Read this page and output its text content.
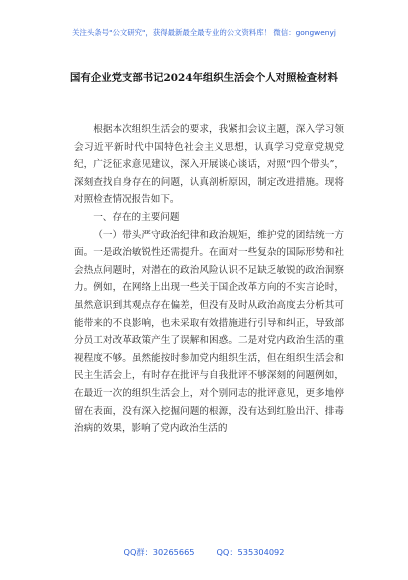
关注头条号"公文研究"，获得最新最全最专业的公文资料库！ 微信：gongwenyj
国有企业党支部书记2024年组织生活会个人对照检查材料

根据本次组织生活会的要求，我紧扣会议主题，深入学习领会习近平新时代中国特色社会主义思想，认真学习党章党规党纪，广泛征求意见建议，深入开展谈心谈话，对照“四个带头”，深刻查找自身存在的问题，认真剖析原因，制定改进措施。现将对照检查情况报告如下。

一、存在的主要问题

（一）带头严守政治纪律和政治规矩，维护党的团结统一方面。一是政治敏锐性还需提升。在面对一些复杂的国际形势和社会热点问题时，对潜在的政治风险认识不足缺乏敏锐的政治洞察力。例如，在网络上出现一些关于国企改革方向的不实言论时，虽然意识到其观点存在偏差，但没有及时从政治高度去分析其可能带来的不良影响，也未采取有效措施进行引导和纠正，导致部分员工对改革政策产生了误解和困惑。二是对党内政治生活的重视程度不够。虽然能按时参加党内组织生活，但在组织生活会和民主生活会上，有时存在批评与自我批评不够深刻的问题例如，在最近一次的组织生活会上，对个别同志的批评意见，更多地停留在表面，没有深入挖掘问题的根源，没有达到红脸出汗、排毒治病的效果，影响了党内政治生活的

QQ群：30265665	QQ：535304092
